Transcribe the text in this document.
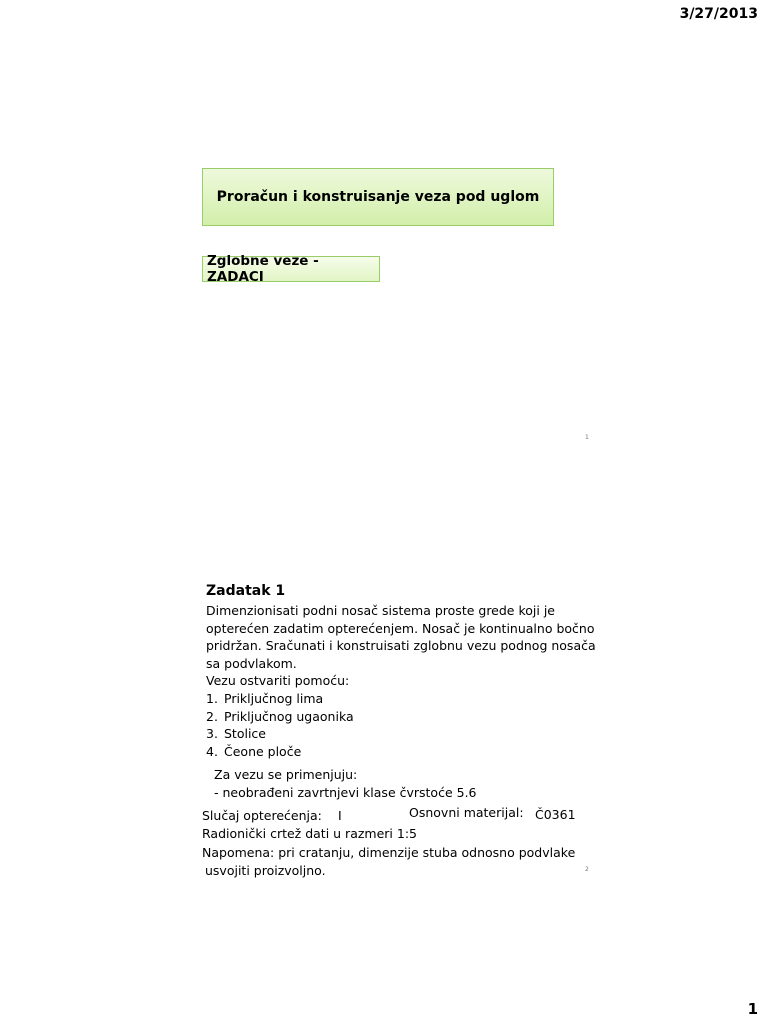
3/27/2013
Proračun i konstruisanje veza pod uglom
Zglobne veze - ZADACI
1
Zadatak 1

Dimenzionisati podni nosač sistema proste grede koji je

opterećen zadatim opterećenjem. Nosač je kontinualno bočno

pridržan. Sračunati i konstruisati zglobnu vezu podnog nosača

sa podvlakom.

Vezu ostvariti pomoću:

1. Priključnog lima
2. Priključnog ugaonika
3. Stolice
4. Čeone ploče
Za vezu se primenjuju:
- neobrađeni zavrtnjevi klase čvrstoće 5.6
Slučaj opterećenja: I	Osnovni materijal: Č0361
Radionički crtež dati u razmeri 1:5
Napomena: pri cratanju, dimenzije stuba odnosno podvlake
usvojiti proizvoljno.	2
1
